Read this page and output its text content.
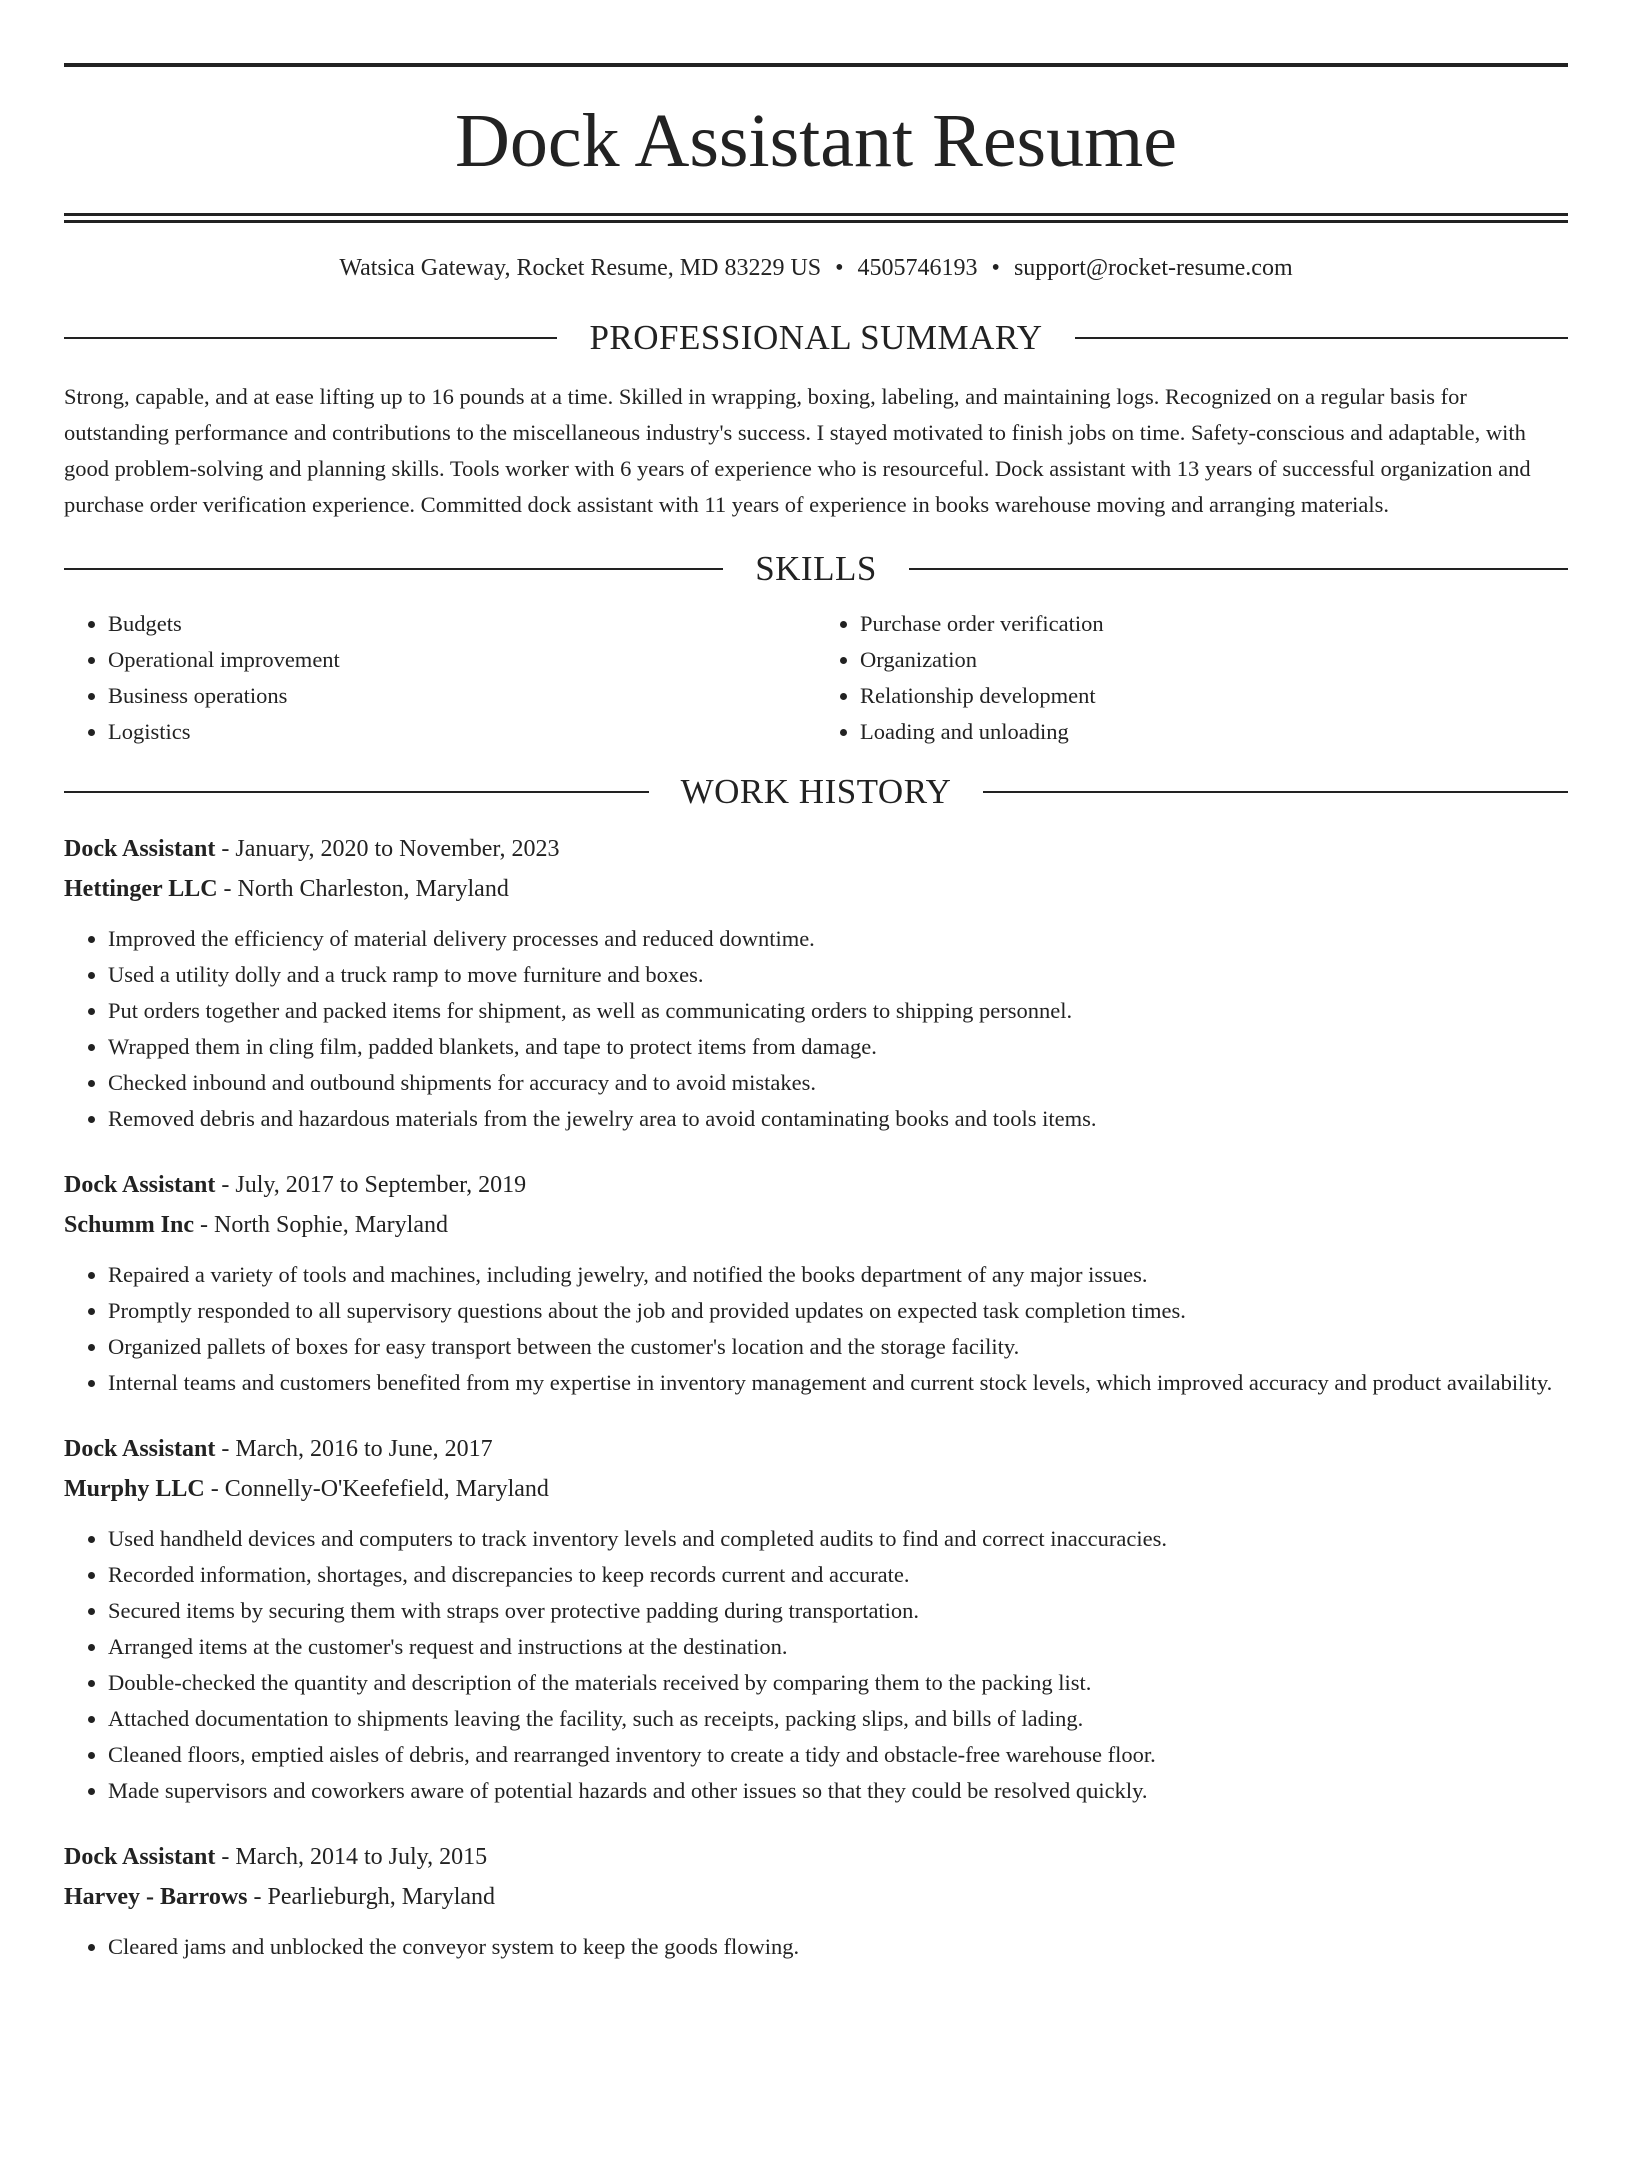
Dock Assistant Resume
Watsica Gateway, Rocket Resume, MD 83229 US • 4505746193 • support@rocket-resume.com
PROFESSIONAL SUMMARY
Strong, capable, and at ease lifting up to 16 pounds at a time. Skilled in wrapping, boxing, labeling, and maintaining logs. Recognized on a regular basis for outstanding performance and contributions to the miscellaneous industry's success. I stayed motivated to finish jobs on time. Safety-conscious and adaptable, with good problem-solving and planning skills. Tools worker with 6 years of experience who is resourceful. Dock assistant with 13 years of successful organization and purchase order verification experience. Committed dock assistant with 11 years of experience in books warehouse moving and arranging materials.
SKILLS
• Budgets
• Operational improvement
• Business operations
• Logistics
• Purchase order verification
• Organization
• Relationship development
• Loading and unloading
WORK HISTORY
Dock Assistant - January, 2020 to November, 2023
Hettinger LLC - North Charleston, Maryland
• Improved the efficiency of material delivery processes and reduced downtime.
• Used a utility dolly and a truck ramp to move furniture and boxes.
• Put orders together and packed items for shipment, as well as communicating orders to shipping personnel.
• Wrapped them in cling film, padded blankets, and tape to protect items from damage.
• Checked inbound and outbound shipments for accuracy and to avoid mistakes.
• Removed debris and hazardous materials from the jewelry area to avoid contaminating books and tools items.
Dock Assistant - July, 2017 to September, 2019
Schumm Inc - North Sophie, Maryland
• Repaired a variety of tools and machines, including jewelry, and notified the books department of any major issues.
• Promptly responded to all supervisory questions about the job and provided updates on expected task completion times.
• Organized pallets of boxes for easy transport between the customer's location and the storage facility.
• Internal teams and customers benefited from my expertise in inventory management and current stock levels, which improved accuracy and product availability.
Dock Assistant - March, 2016 to June, 2017
Murphy LLC - Connelly-O'Keefefield, Maryland
• Used handheld devices and computers to track inventory levels and completed audits to find and correct inaccuracies.
• Recorded information, shortages, and discrepancies to keep records current and accurate.
• Secured items by securing them with straps over protective padding during transportation.
• Arranged items at the customer's request and instructions at the destination.
• Double-checked the quantity and description of the materials received by comparing them to the packing list.
• Attached documentation to shipments leaving the facility, such as receipts, packing slips, and bills of lading.
• Cleaned floors, emptied aisles of debris, and rearranged inventory to create a tidy and obstacle-free warehouse floor.
• Made supervisors and coworkers aware of potential hazards and other issues so that they could be resolved quickly.
Dock Assistant - March, 2014 to July, 2015
Harvey - Barrows - Pearlieburgh, Maryland
• Cleared jams and unblocked the conveyor system to keep the goods flowing.
